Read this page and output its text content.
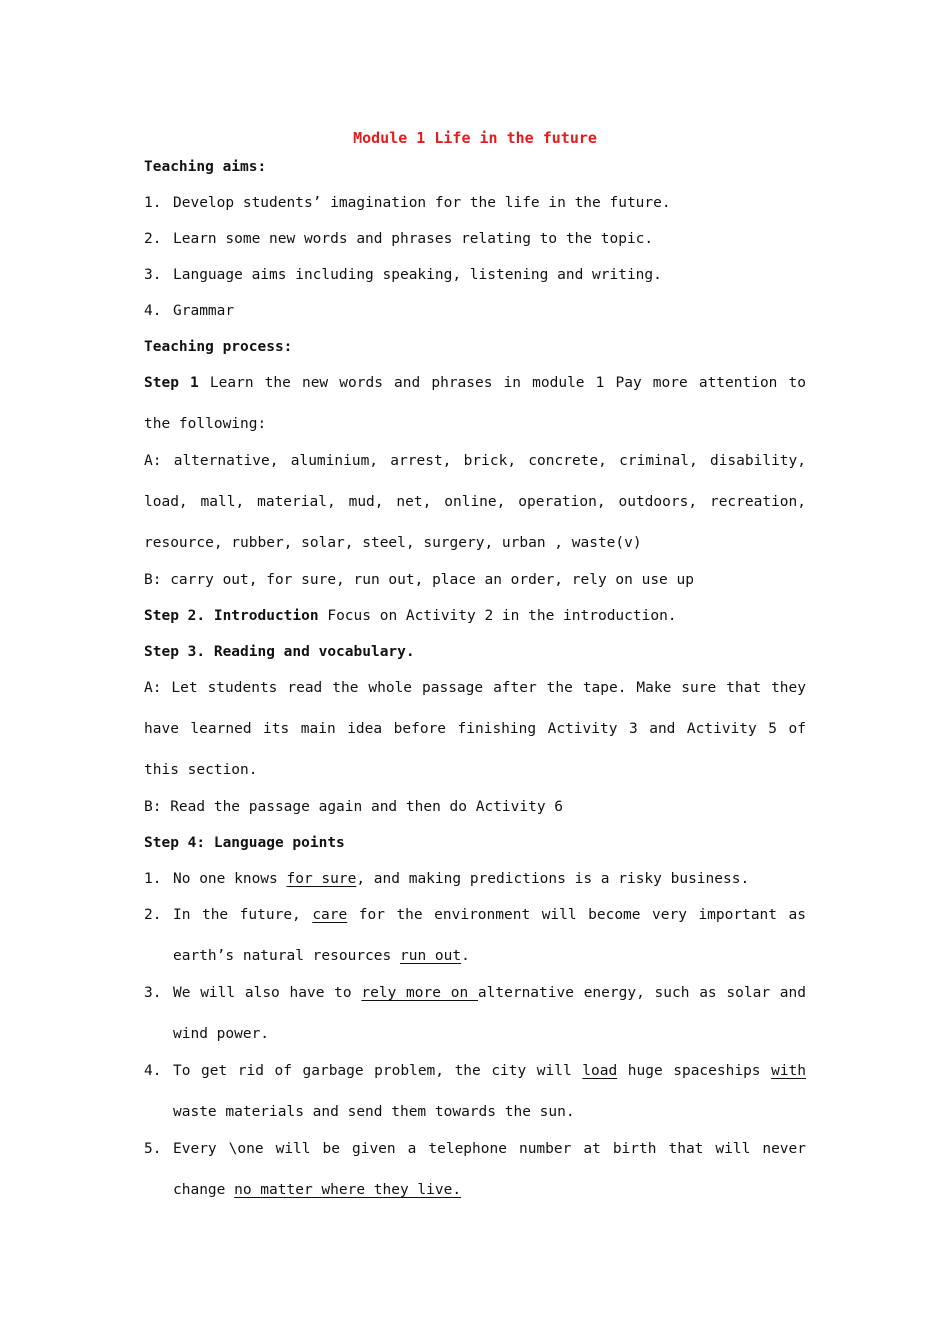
Module 1 Life in the future
Teaching aims:
1. Develop students’ imagination for the life in the future.
2. Learn some new words and phrases relating to the topic.
3. Language aims including speaking, listening and writing.
4. Grammar
Teaching process:
Step 1 Learn the new words and phrases in module 1 Pay more attention to the following:
A: alternative, aluminium, arrest, brick, concrete, criminal, disability, load, mall, material, mud, net, online, operation, outdoors, recreation, resource, rubber, solar, steel, surgery, urban , waste(v)
B: carry out, for sure, run out, place an order, rely on use up
Step 2. Introduction Focus on Activity 2 in the introduction.
Step 3. Reading and vocabulary.
A: Let students read the whole passage after the tape. Make sure that they have learned its main idea before finishing Activity 3 and Activity 5 of this section.
B: Read the passage again and then do Activity 6
Step 4: Language points
1. No one knows for sure, and making predictions is a risky business.
2. In the future, care for the environment will become very important as earth’s natural resources run out.
3. We will also have to rely more on alternative energy, such as solar and wind power.
4. To get rid of garbage problem, the city will load huge spaceships with waste materials and send them towards the sun.
5. Every \one will be given a telephone number at birth that will never change no matter where they live.
